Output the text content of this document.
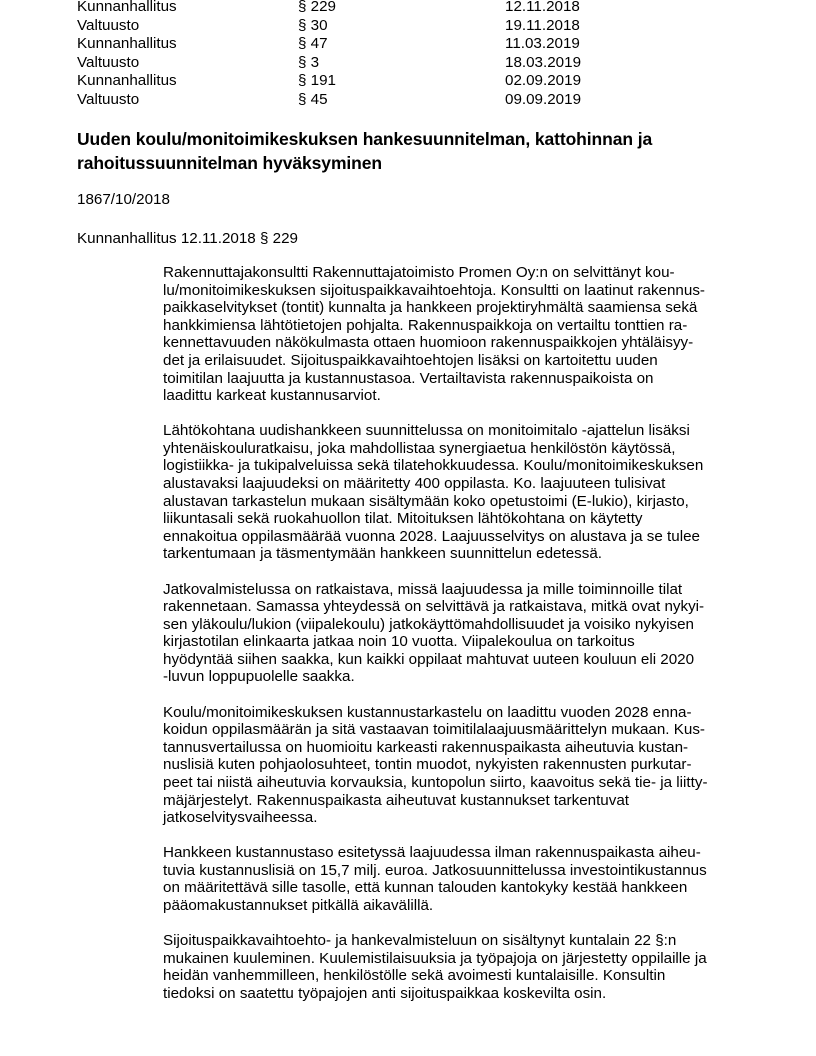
Kunnanhallitus	§ 229	12.11.2018
Valtuusto	§ 30	19.11.2018
Kunnanhallitus	§ 47	11.03.2019
Valtuusto	§ 3	18.03.2019
Kunnanhallitus	§ 191	02.09.2019
Valtuusto	§ 45	09.09.2019
Uuden koulu/monitoimikeskuksen hankesuunnitelman, kattohinnan ja
rahoitussuunnitelman hyväksyminen
1867/10/2018
Kunnanhallitus 12.11.2018 § 229

Rakennuttajakonsultti Rakennuttajatoimisto Promen Oy:n on selvittänyt kou-
lu/monitoimikeskuksen sijoituspaikkavaihtoehtoja. Konsultti on laatinut rakennus-
paikkaselvitykset (tontit) kunnalta ja hankkeen projektiryhmältä saamiensa sekä
hankkimiensa lähtötietojen pohjalta. Rakennuspaikkoja on vertailtu tonttien ra-
kennettavuuden näkökulmasta ottaen huomioon rakennuspaikkojen yhtäläisyy-
det ja erilaisuudet. Sijoituspaikkavaihtoehtojen lisäksi on kartoitettu uuden
toimitilan laajuutta ja kustannustasoa. Vertailtavista rakennuspaikoista on
laadittu karkeat kustannusarviot.

Lähtökohtana uudishankkeen suunnittelussa on monitoimitalo -ajattelun lisäksi
yhtenäiskouluratkaisu, joka mahdollistaa synergiaetua henkilöstön käytössä,
logistiikka- ja tukipalveluissa sekä tilatehokkuudessa. Koulu/monitoimikeskuksen
alustavaksi laajuudeksi on määritetty 400 oppilasta. Ko. laajuuteen tulisivat
alustavan tarkastelun mukaan sisältymään koko opetustoimi (E-lukio), kirjasto,
liikuntasali sekä ruokahuollon tilat. Mitoituksen lähtökohtana on käytetty
ennakoitua oppilasmäärää vuonna 2028. Laajuusselvitys on alustava ja se tulee
tarkentumaan ja täsmentymään hankkeen suunnittelun edetessä.

Jatkovalmistelussa on ratkaistava, missä laajuudessa ja mille toiminnoille tilat
rakennetaan. Samassa yhteydessä on selvittävä ja ratkaistava, mitkä ovat nykyi-
sen yläkoulu/lukion (viipalekoulu) jatkokäyttömahdollisuudet ja voisiko nykyisen
kirjastotilan elinkaarta jatkaa noin 10 vuotta. Viipalekoulua on tarkoitus
hyödyntää siihen saakka, kun kaikki oppilaat mahtuvat uuteen kouluun eli 2020
-luvun loppupuolelle saakka.

Koulu/monitoimikeskuksen kustannustarkastelu on laadittu vuoden 2028 enna-
koidun oppilasmäärän ja sitä vastaavan toimitilalaajuusmäärittelyn mukaan. Kus-
tannusvertailussa on huomioitu karkeasti rakennuspaikasta aiheutuvia kustan-
nuslisiä kuten pohjaolosuhteet, tontin muodot, nykyisten rakennusten purkutar-
peet tai niistä aiheutuvia korvauksia, kuntopolun siirto, kaavoitus sekä tie- ja liitty-
mäjärjestelyt. Rakennuspaikasta aiheutuvat kustannukset tarkentuvat
jatkoselvitysvaiheessa.

Hankkeen kustannustaso esitetyssä laajuudessa ilman rakennuspaikasta aiheu-
tuvia kustannuslisiä on 15,7 milj. euroa. Jatkosuunnittelussa investointikustannus
on määritettävä sille tasolle, että kunnan talouden kantokyky kestää hankkeen
pääomakustannukset pitkällä aikavälillä.

Sijoituspaikkavaihtoehto- ja hankevalmisteluun on sisältynyt kuntalain 22 §:n
mukainen kuuleminen. Kuulemistilaisuuksia ja työpajoja on järjestetty oppilaille ja
heidän vanhemmilleen, henkilöstölle sekä avoimesti kuntalaisille. Konsultin
tiedoksi on saatettu työpajojen anti sijoituspaikkaa koskevilta osin.
